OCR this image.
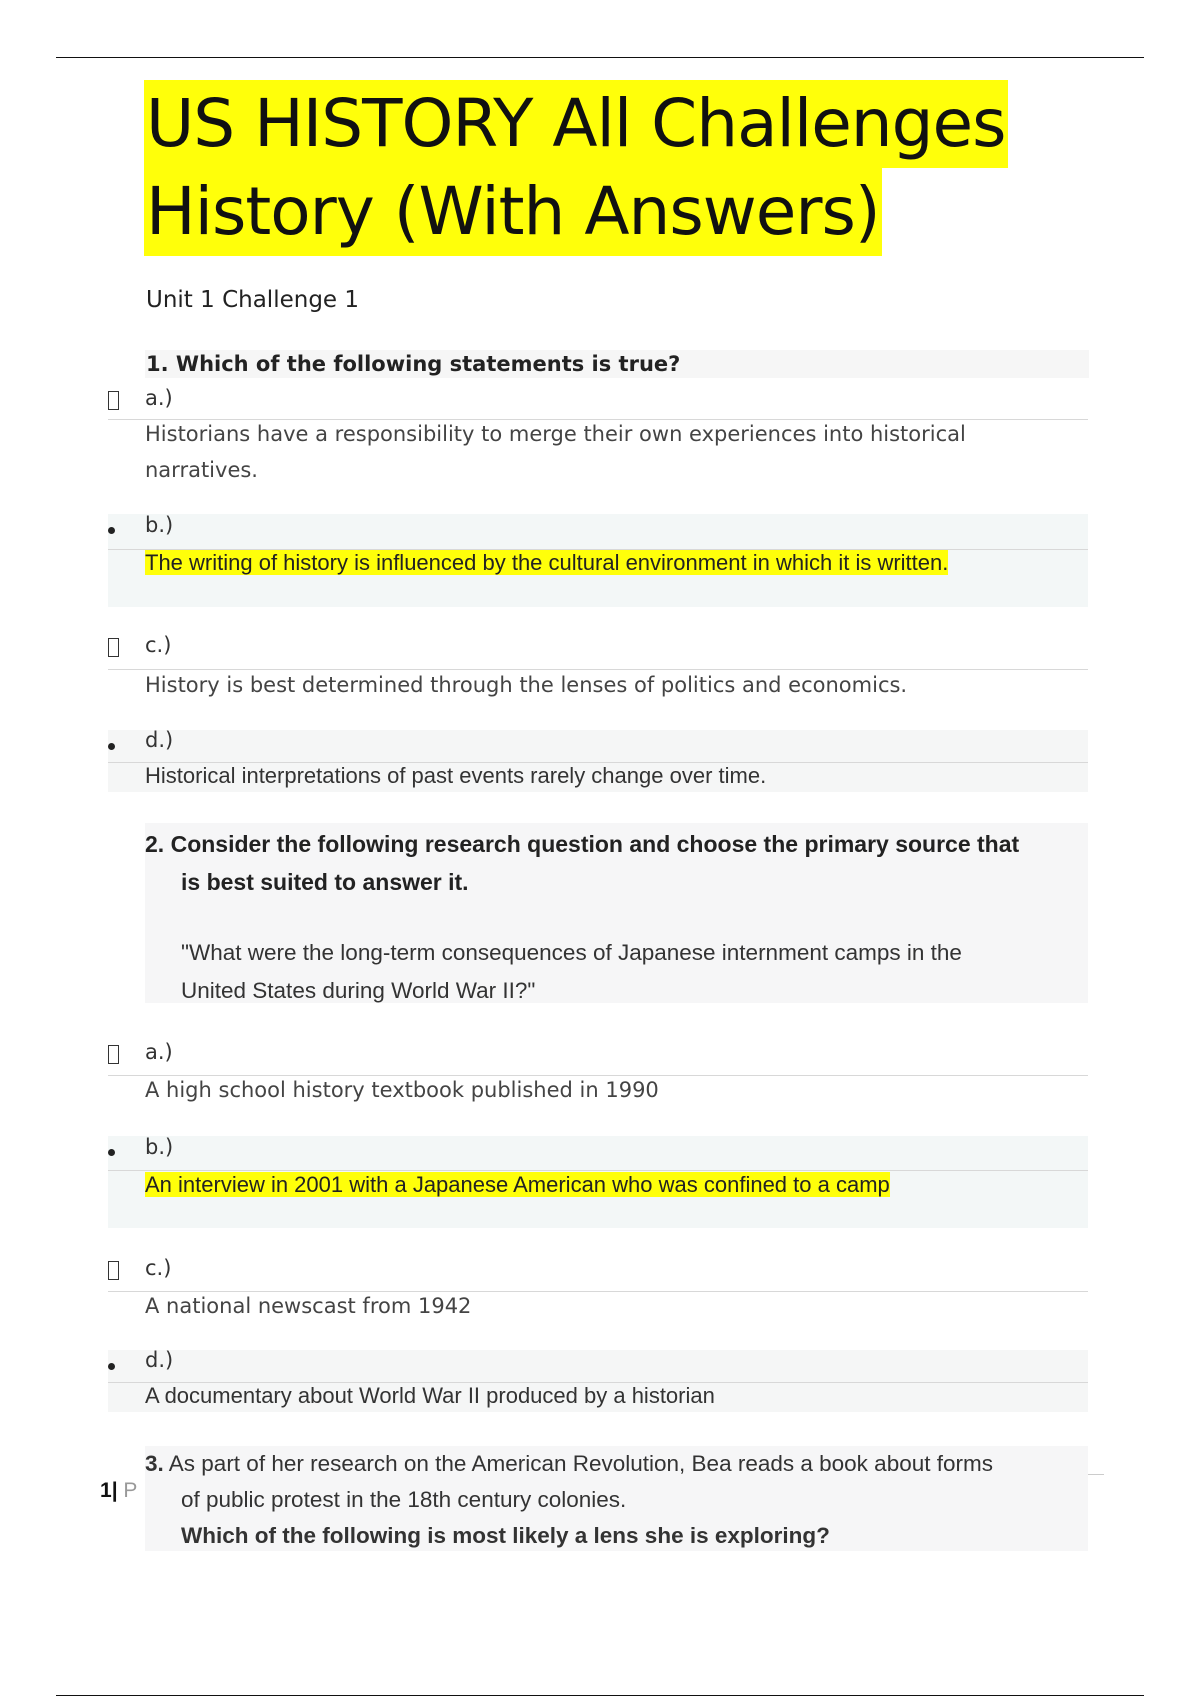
US HISTORY All Challenges
History (With Answers)
Unit 1 Challenge 1
1. Which of the following statements is true?
a.)
Historians have a responsibility to merge their own experiences into historical narratives.
b.)
The writing of history is influenced by the cultural environment in which it is written.
c.)
History is best determined through the lenses of politics and economics.
d.)
Historical interpretations of past events rarely change over time.
2. Consider the following research question and choose the primary source that
is best suited to answer it.
"What were the long-term consequences of Japanese internment camps in the
United States during World War II?"
a.)
A high school history textbook published in 1990
b.)
An interview in 2001 with a Japanese American who was confined to a camp
c.)
A national newscast from 1942
d.)
A documentary about World War II produced by a historian
3. As part of her research on the American Revolution, Bea reads a book about forms
of public protest in the 18th century colonies.
Which of the following is most likely a lens she is exploring?
1| P
